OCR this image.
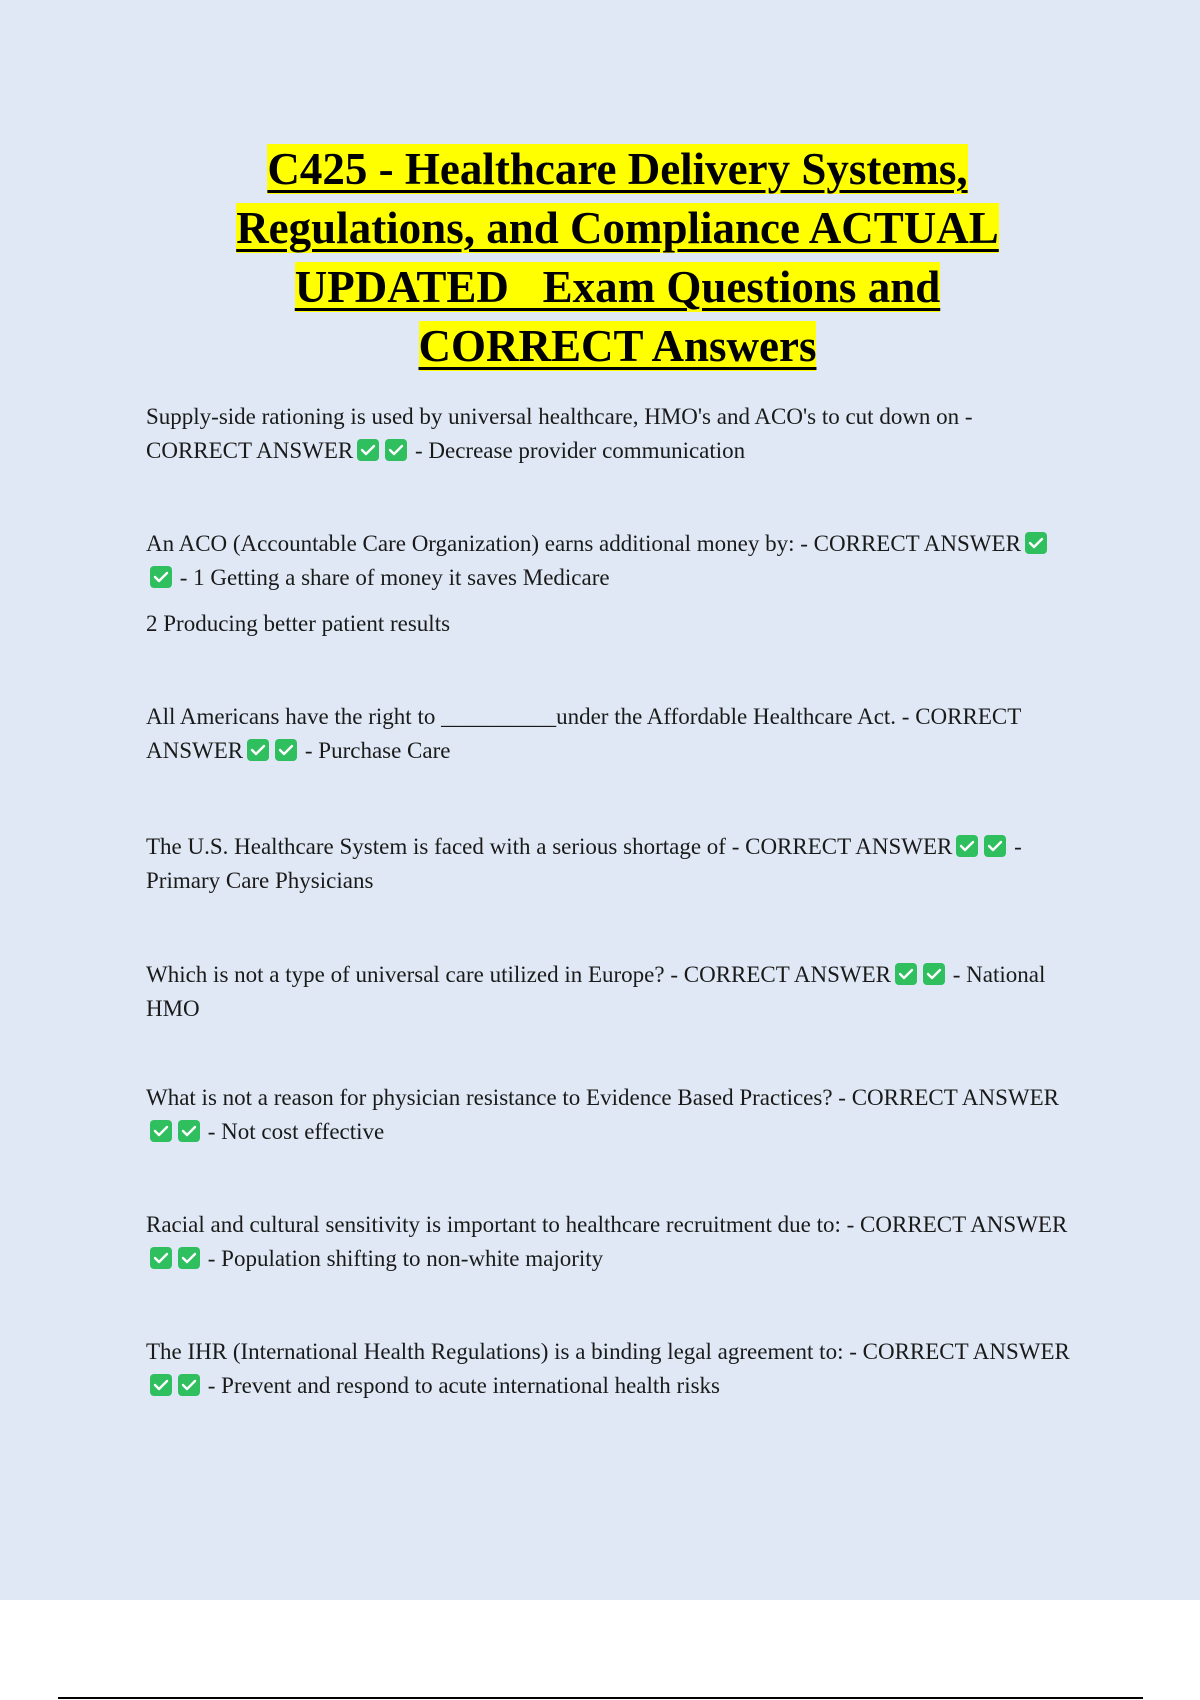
C425 - Healthcare Delivery Systems,
Regulations, and Compliance ACTUAL
UPDATED   Exam Questions and
CORRECT Answers

Supply-side rationing is used by universal healthcare, HMO's and ACO's to cut down on - CORRECT ANSWER	- Decrease provider communication

An ACO (Accountable Care Organization) earns additional money by: - CORRECT ANSWER
- 1 Getting a share of money it saves Medicare

2 Producing better patient results

All Americans have the right to __________under the Affordable Healthcare Act. - CORRECT ANSWER	- Purchase Care

The U.S. Healthcare System is faced with a serious shortage of - CORRECT ANSWER	- Primary Care Physicians

Which is not a type of universal care utilized in Europe? - CORRECT ANSWER	- National HMO

What is not a reason for physician resistance to Evidence Based Practices? - CORRECT ANSWER
- Not cost effective

Racial and cultural sensitivity is important to healthcare recruitment due to: - CORRECT ANSWER
- Population shifting to non-white majority

The IHR (International Health Regulations) is a binding legal agreement to: - CORRECT ANSWER
- Prevent and respond to acute international health risks
